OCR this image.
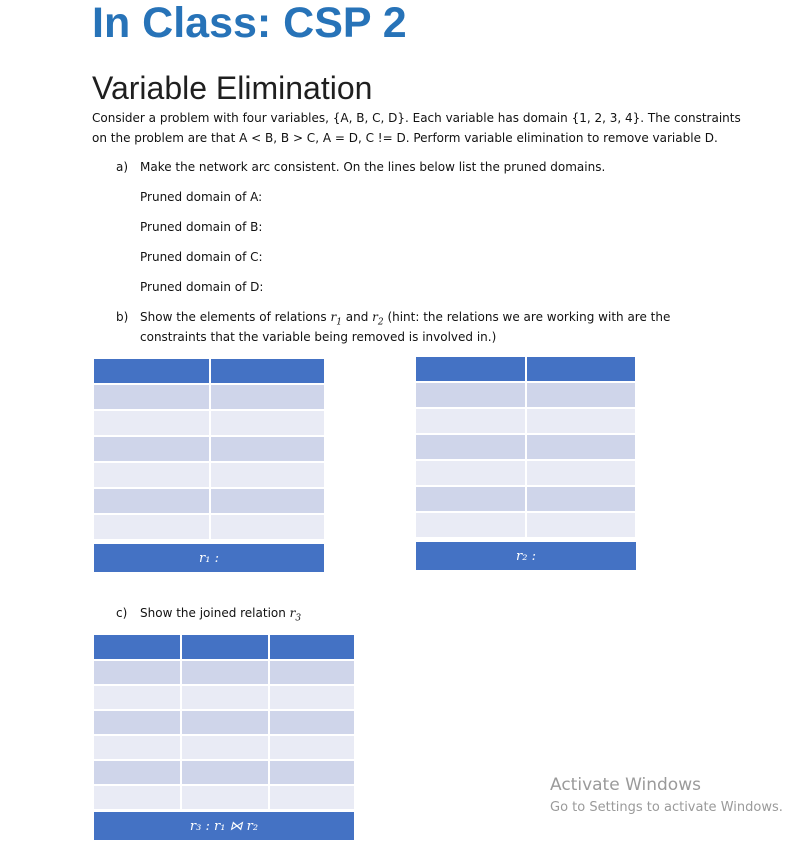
In Class: CSP 2
Variable Elimination
Consider a problem with four variables, {A, B, C, D}. Each variable has domain {1, 2, 3, 4}. The constraints
on the problem are that A < B, B > C, A = D, C != D. Perform variable elimination to remove variable D.
a) Make the network arc consistent. On the lines below list the pruned domains.
Pruned domain of A:
Pruned domain of B:
Pruned domain of C:
Pruned domain of D:
b) Show the elements of relations $r_1$ and $r_2$ (hint: the relations we are working with are the
constraints that the variable being removed is involved in.)

r₁ :

		r₂ :
c) Show the joined relation $r_3$

r₃ : r₁ ⋈ r₂
Activate Windows
Go to Settings to activate Windows.
